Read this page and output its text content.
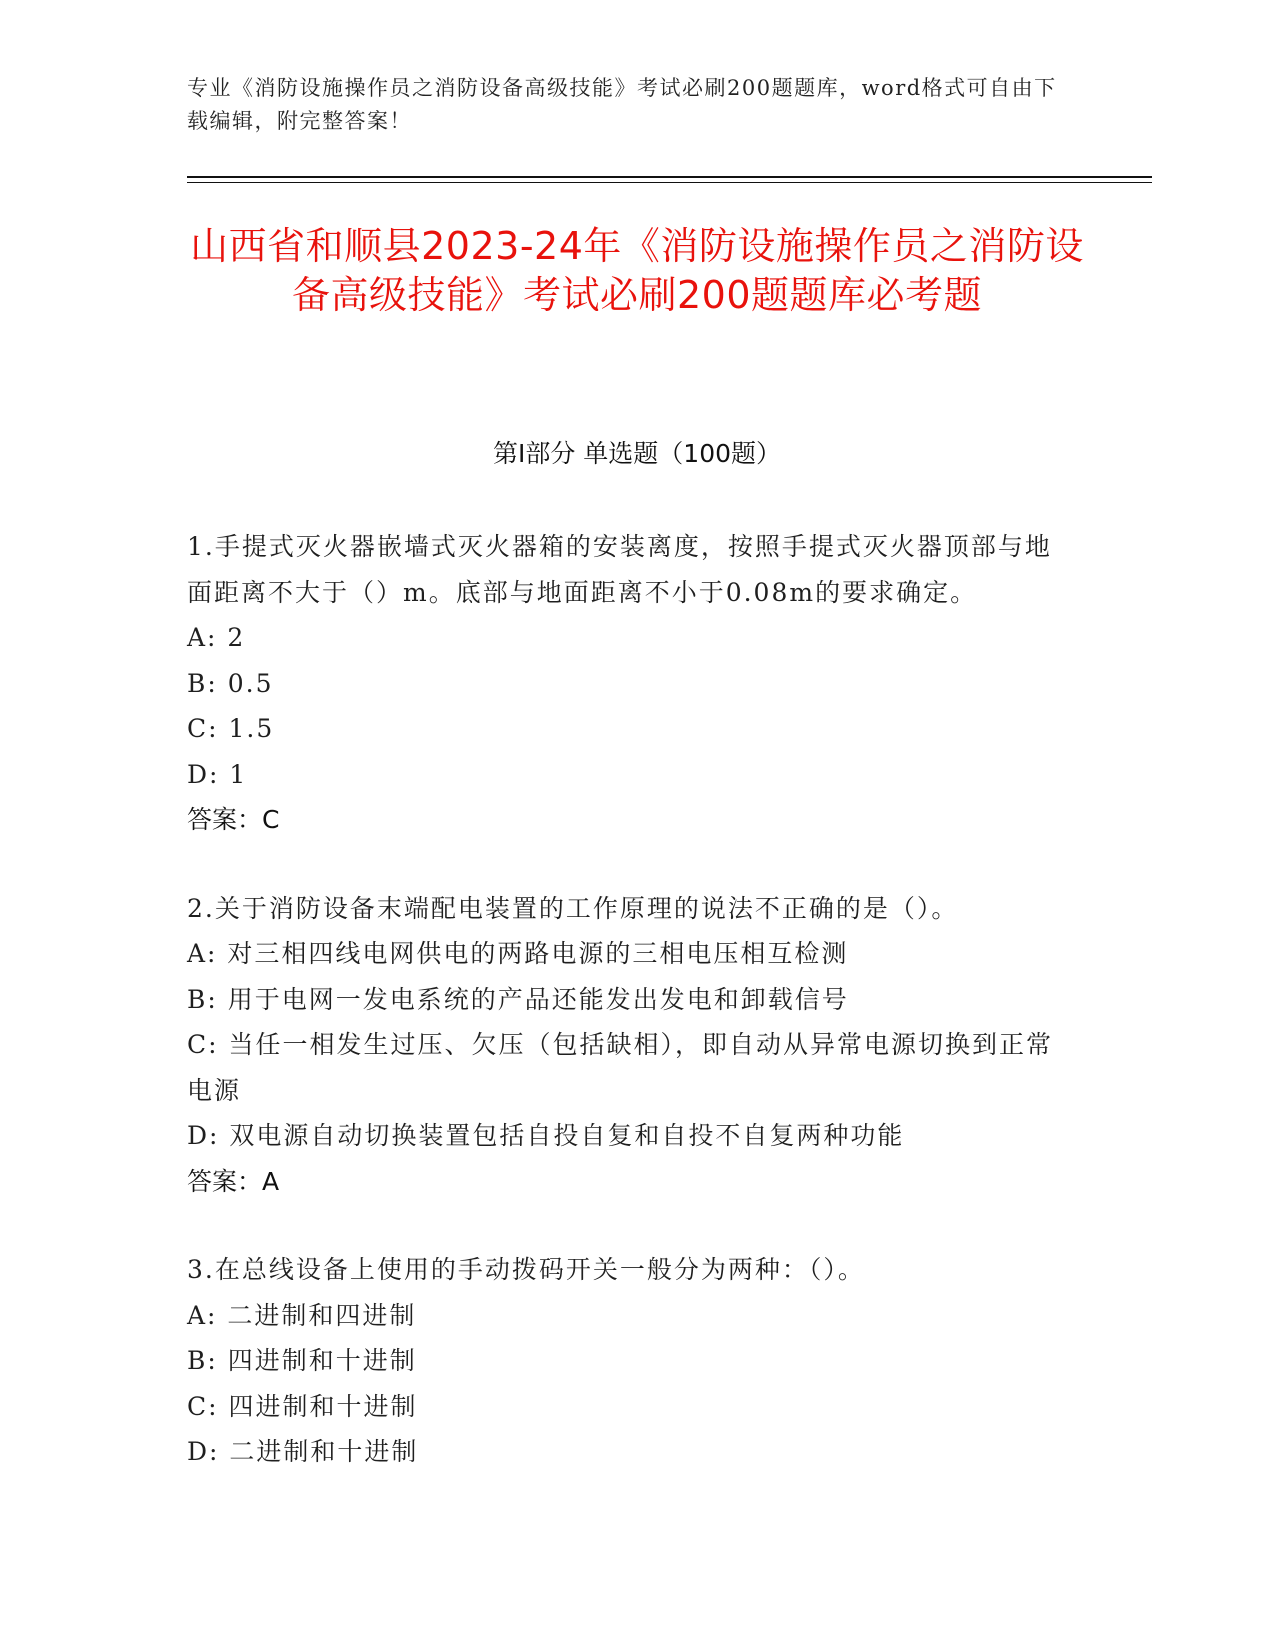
专业《消防设施操作员之消防设备高级技能》考试必刷200题题库，word格式可自由下载编辑，附完整答案！
山西省和顺县2023-24年《消防设施操作员之消防设备高级技能》考试必刷200题题库必考题
第I部分 单选题（100题）
1.手提式灭火器嵌墙式灭火器箱的安装离度，按照手提式灭火器顶部与地面距离不大于（）m。底部与地面距离不小于0.08m的要求确定。
A: 2
B: 0.5
C: 1.5
D: 1
答案：C
2.关于消防设备末端配电装置的工作原理的说法不正确的是（）。
A: 对三相四线电网供电的两路电源的三相电压相互检测
B: 用于电网一发电系统的产品还能发出发电和卸载信号
C: 当任一相发生过压、欠压（包括缺相），即自动从异常电源切换到正常电源
D: 双电源自动切换装置包括自投自复和自投不自复两种功能
答案：A
3.在总线设备上使用的手动拨码开关一般分为两种：（）。
A: 二进制和四进制
B: 四进制和十进制
C: 四进制和十进制
D: 二进制和十进制
